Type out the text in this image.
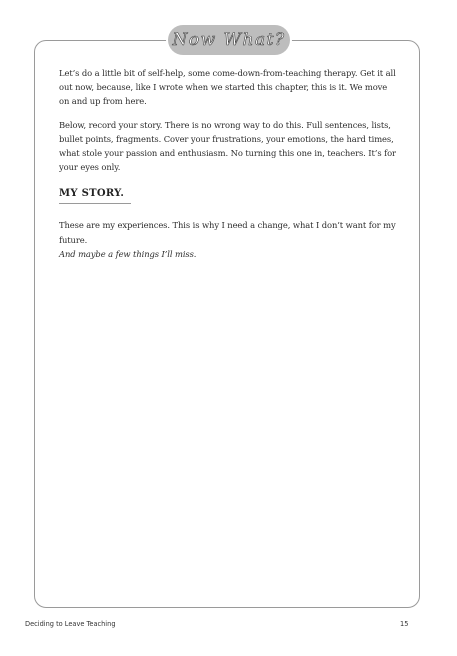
Now What?

Let’s do a little bit of self-help, some come-down-from-teaching therapy. Get it all out now, because, like I wrote when we started this chapter, this is it. We move on and up from here.

Below, record your story. There is no wrong way to do this. Full sentences, lists, bullet points, fragments. Cover your frustrations, your emotions, the hard times, what stole your passion and enthusiasm. No turning this one in, teachers. It’s for your eyes only.

MY STORY.

These are my experiences. This is why I need a change, what I don’t want for my future.
And maybe a few things I’ll miss.

Deciding to Leave Teaching	15
